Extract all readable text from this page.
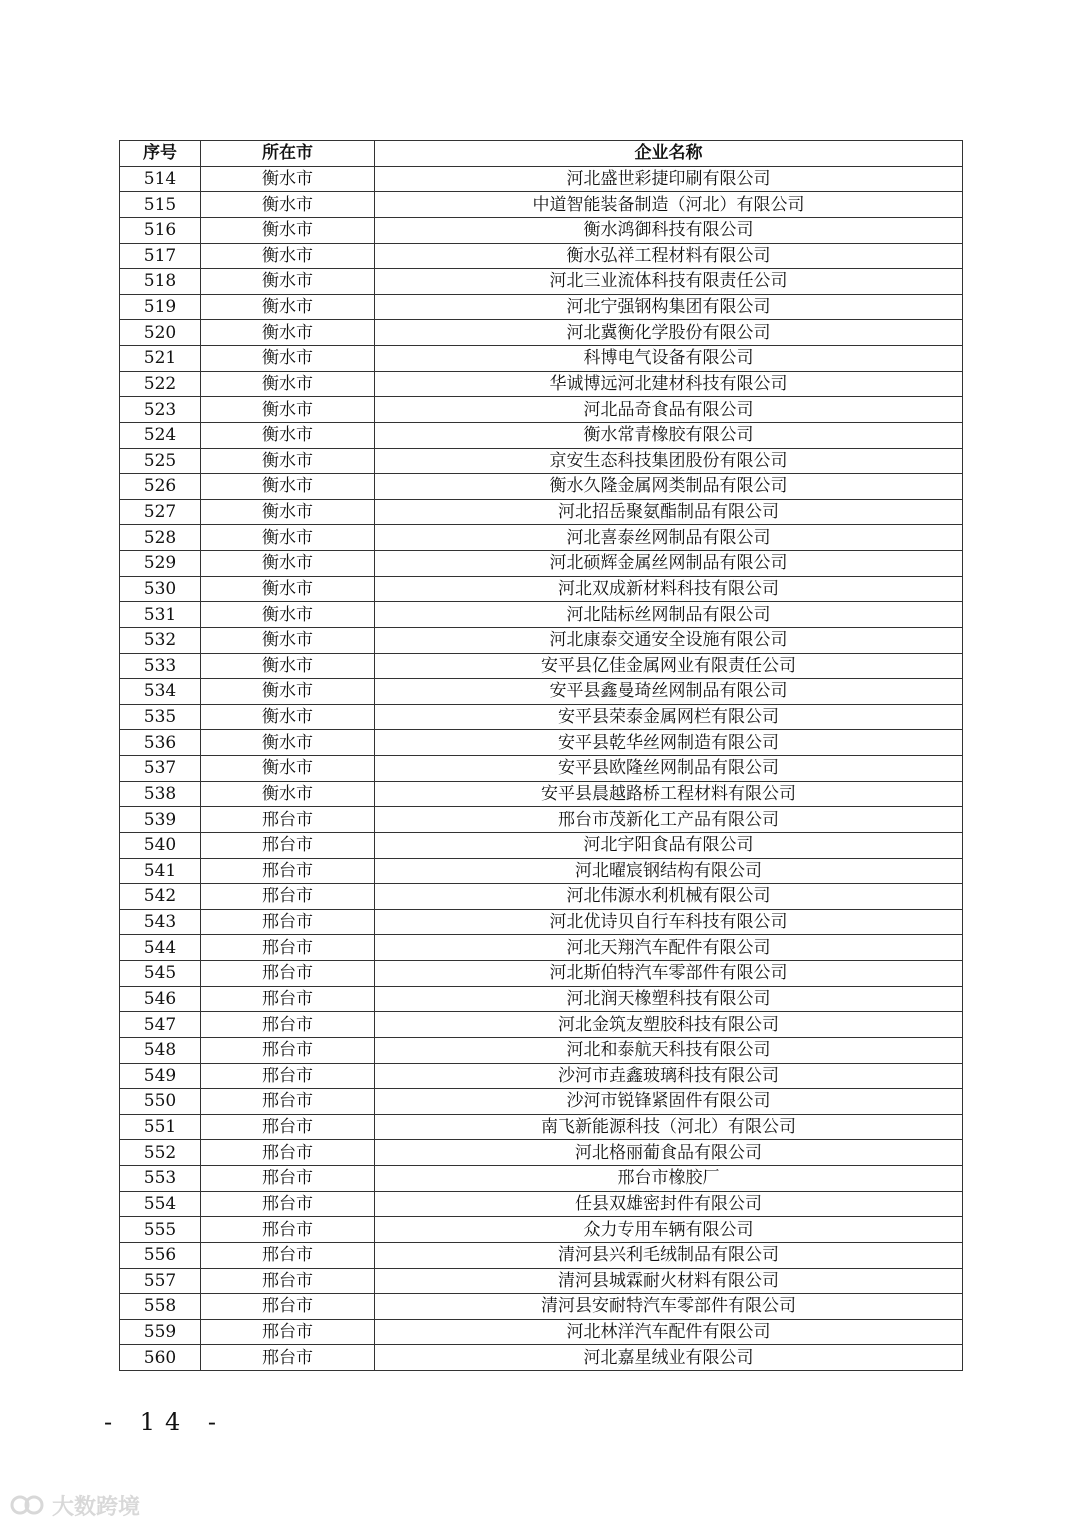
序号	所在市	企业名称
514	衡水市	河北盛世彩捷印刷有限公司
515	衡水市	中道智能装备制造（河北）有限公司
516	衡水市	衡水鸿御科技有限公司
517	衡水市	衡水弘祥工程材料有限公司
518	衡水市	河北三业流体科技有限责任公司
519	衡水市	河北宁强钢构集团有限公司
520	衡水市	河北冀衡化学股份有限公司
521	衡水市	科博电气设备有限公司
522	衡水市	华诚博远河北建材科技有限公司
523	衡水市	河北品奇食品有限公司
524	衡水市	衡水常青橡胶有限公司
525	衡水市	京安生态科技集团股份有限公司
526	衡水市	衡水久隆金属网类制品有限公司
527	衡水市	河北招岳聚氨酯制品有限公司
528	衡水市	河北喜泰丝网制品有限公司
529	衡水市	河北硕辉金属丝网制品有限公司
530	衡水市	河北双成新材料科技有限公司
531	衡水市	河北陆标丝网制品有限公司
532	衡水市	河北康泰交通安全设施有限公司
533	衡水市	安平县亿佳金属网业有限责任公司
534	衡水市	安平县鑫曼琦丝网制品有限公司
535	衡水市	安平县荣泰金属网栏有限公司
536	衡水市	安平县乾华丝网制造有限公司
537	衡水市	安平县欧隆丝网制品有限公司
538	衡水市	安平县晨越路桥工程材料有限公司
539	邢台市	邢台市茂新化工产品有限公司
540	邢台市	河北宇阳食品有限公司
541	邢台市	河北曜宸钢结构有限公司
542	邢台市	河北伟源水利机械有限公司
543	邢台市	河北优诗贝自行车科技有限公司
544	邢台市	河北天翔汽车配件有限公司
545	邢台市	河北斯伯特汽车零部件有限公司
546	邢台市	河北润天橡塑科技有限公司
547	邢台市	河北金筑友塑胶科技有限公司
548	邢台市	河北和泰航天科技有限公司
549	邢台市	沙河市垚鑫玻璃科技有限公司
550	邢台市	沙河市锐锋紧固件有限公司
551	邢台市	南飞新能源科技（河北）有限公司
552	邢台市	河北格丽葡食品有限公司
553	邢台市	邢台市橡胶厂
554	邢台市	任县双雄密封件有限公司
555	邢台市	众力专用车辆有限公司
556	邢台市	清河县兴利毛绒制品有限公司
557	邢台市	清河县城霖耐火材料有限公司
558	邢台市	清河县安耐特汽车零部件有限公司
559	邢台市	河北林洋汽车配件有限公司
560	邢台市	河北嘉星绒业有限公司
- 14 -
大数跨境
